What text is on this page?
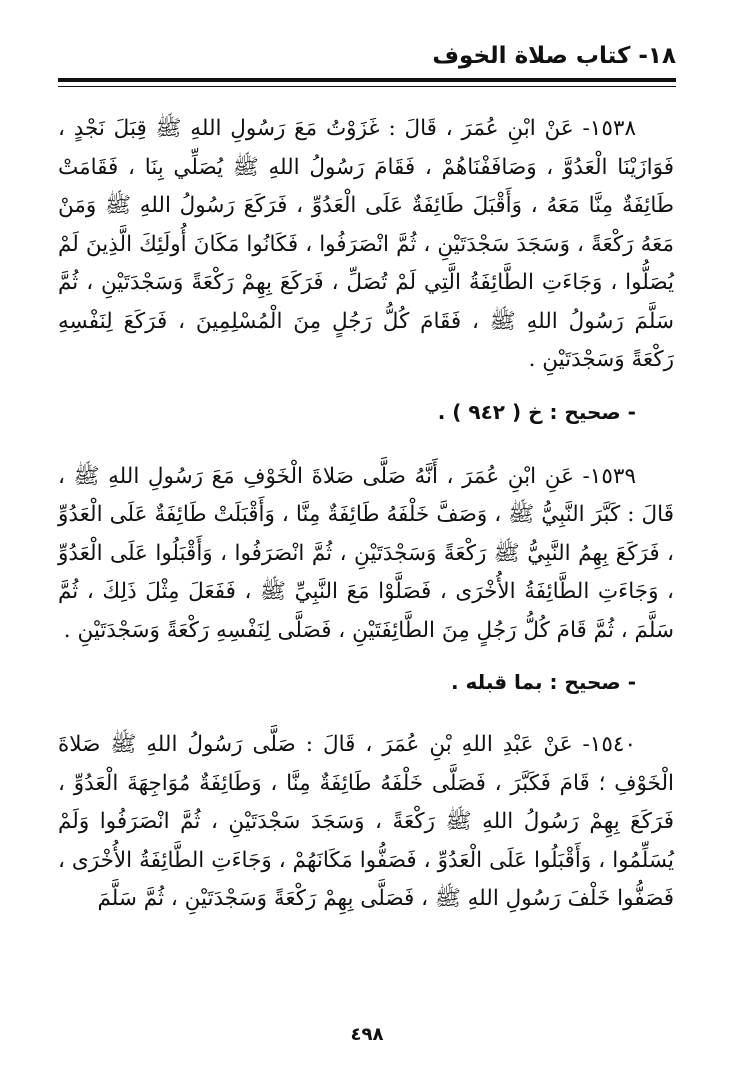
١٨- كتاب صلاة الخوف

١٥٣٨- عَنْ ابْنِ عُمَرَ ، قَالَ : غَزَوْتُ مَعَ رَسُولِ اللهِ ﷺ قِبَلَ نَجْدٍ ، فَوَازَيْنَا الْعَدُوَّ ، وَصَافَفْنَاهُمْ ، فَقَامَ رَسُولُ اللهِ ﷺ يُصَلِّي بِنَا ، فَقَامَتْ طَائِفَةٌ مِنَّا مَعَهُ ، وَأَقْبَلَ طَائِفَةٌ عَلَى الْعَدُوِّ ، فَرَكَعَ رَسُولُ اللهِ ﷺ وَمَنْ مَعَهُ رَكْعَةً ، وَسَجَدَ سَجْدَتَيْنِ ، ثُمَّ انْصَرَفُوا ، فَكَانُوا مَكَانَ أُولَئِكَ الَّذِينَ لَمْ يُصَلُّوا ، وَجَاءَتِ الطَّائِفَةُ الَّتِي لَمْ تُصَلِّ ، فَرَكَعَ بِهِمْ رَكْعَةً وَسَجْدَتَيْنِ ، ثُمَّ سَلَّمَ رَسُولُ اللهِ ﷺ ، فَقَامَ كُلُّ رَجُلٍ مِنَ الْمُسْلِمِينَ ، فَرَكَعَ لِنَفْسِهِ رَكْعَةً وَسَجْدَتَيْنِ .

- صحيح : خ ( ٩٤٢ ) .

١٥٣٩- عَنِ ابْنِ عُمَرَ ، أَنَّهُ صَلَّى صَلاةَ الْخَوْفِ مَعَ رَسُولِ اللهِ ﷺ ، قَالَ : كَبَّرَ النَّبِيُّ ﷺ ، وَصَفَّ خَلْفَهُ طَائِفَةٌ مِنَّا ، وَأَقْبَلَتْ طَائِفَةٌ عَلَى الْعَدُوِّ ، فَرَكَعَ بِهِمُ النَّبِيُّ ﷺ رَكْعَةً وَسَجْدَتَيْنِ ، ثُمَّ انْصَرَفُوا ، وَأَقْبَلُوا عَلَى الْعَدُوِّ ، وَجَاءَتِ الطَّائِفَةُ الأُخْرَى ، فَصَلَّوْا مَعَ النَّبِيِّ ﷺ ، فَفَعَلَ مِثْلَ ذَلِكَ ، ثُمَّ سَلَّمَ ، ثُمَّ قَامَ كُلُّ رَجُلٍ مِنَ الطَّائِفَتَيْنِ ، فَصَلَّى لِنَفْسِهِ رَكْعَةً وَسَجْدَتَيْنِ .

- صحيح : بما قبله .

١٥٤٠- عَنْ عَبْدِ اللهِ بْنِ عُمَرَ ، قَالَ : صَلَّى رَسُولُ اللهِ ﷺ صَلاةَ الْخَوْفِ ؛ قَامَ فَكَبَّرَ ، فَصَلَّى خَلْفَهُ طَائِفَةٌ مِنَّا ، وَطَائِفَةٌ مُوَاجِهَةَ الْعَدُوِّ ، فَرَكَعَ بِهِمْ رَسُولُ اللهِ ﷺ رَكْعَةً ، وَسَجَدَ سَجْدَتَيْنِ ، ثُمَّ انْصَرَفُوا وَلَمْ يُسَلِّمُوا ، وَأَقْبَلُوا عَلَى الْعَدُوِّ ، فَصَفُّوا مَكَانَهُمْ ، وَجَاءَتِ الطَّائِفَةُ الأُخْرَى ، فَصَفُّوا خَلْفَ رَسُولِ اللهِ ﷺ ، فَصَلَّى بِهِمْ رَكْعَةً وَسَجْدَتَيْنِ ، ثُمَّ سَلَّمَ

٤٩٨
